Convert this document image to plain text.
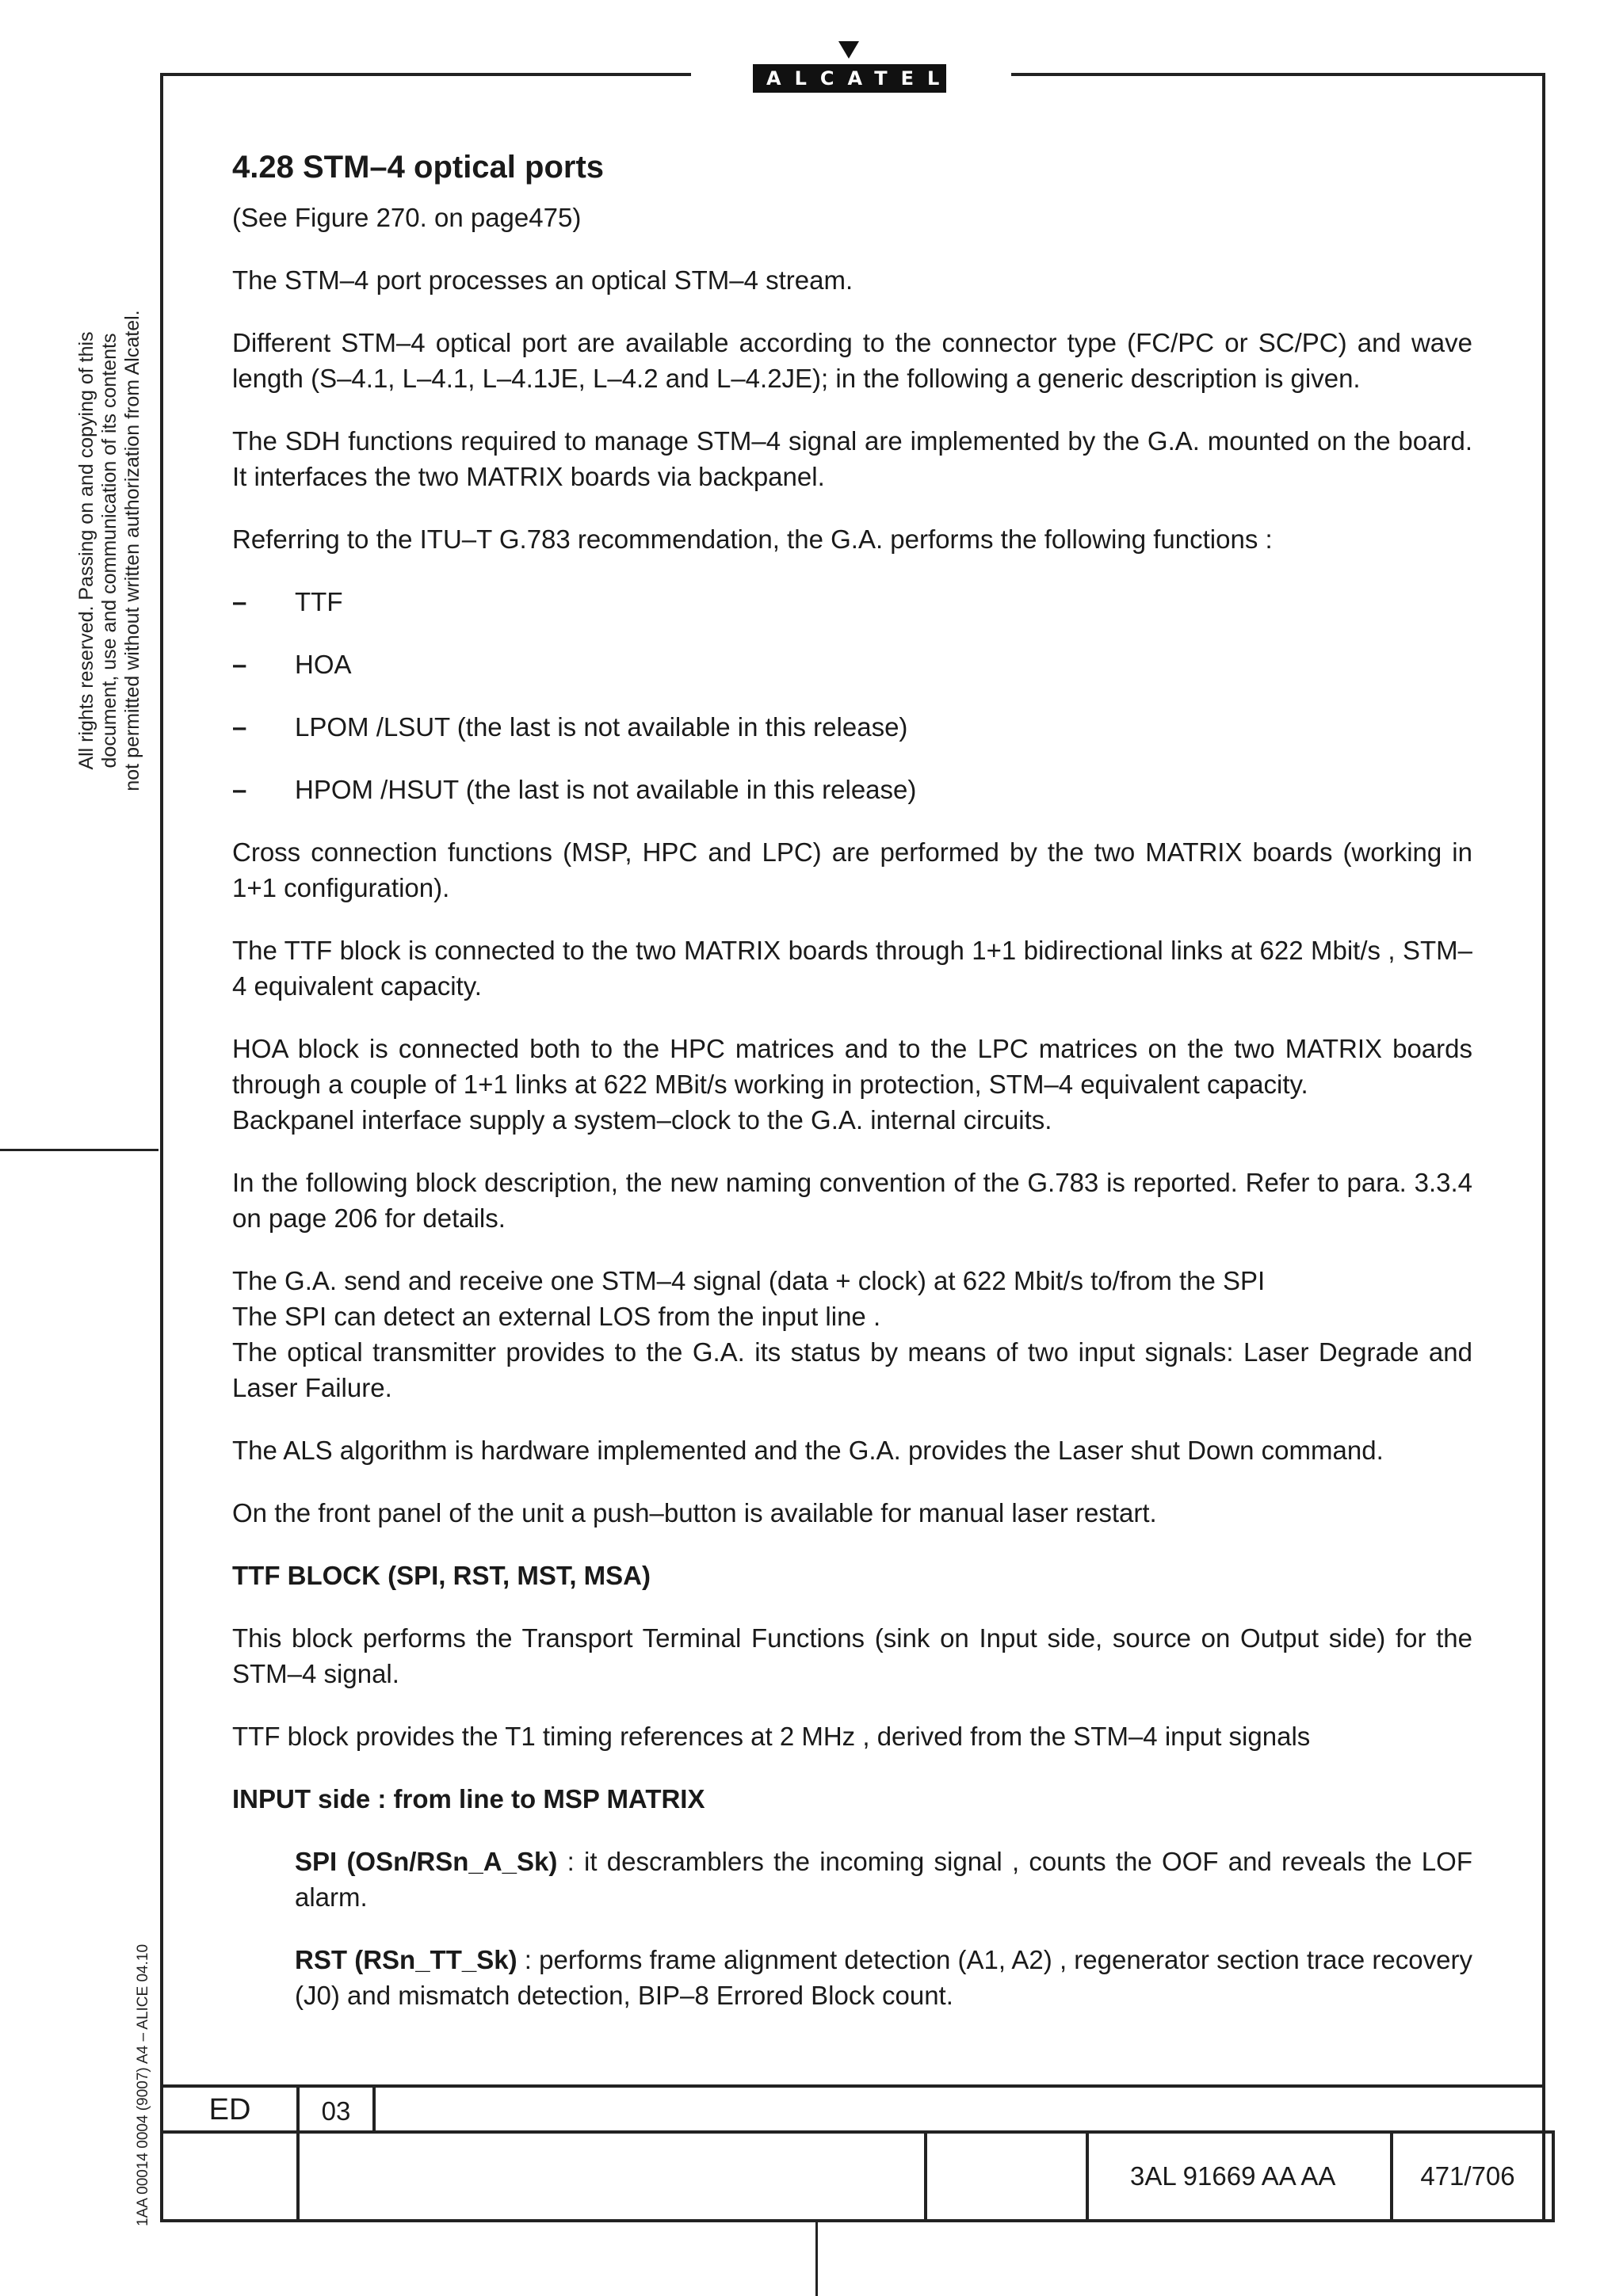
ALCATEL
All rights reserved. Passing on and copying of this document, use and communication of its contents not permitted without written authorization from Alcatel.
1AA 00014 0004 (9007) A4 – ALICE 04.10
4.28 STM–4 optical ports

(See Figure 270. on page475)

The STM–4 port processes an optical STM–4 stream.

Different STM–4 optical port are available according to the connector type (FC/PC or SC/PC) and wave length (S–4.1, L–4.1, L–4.1JE, L–4.2 and L–4.2JE); in the following a generic description is given.

The SDH functions required to manage STM–4 signal are implemented by the G.A. mounted on the board. It interfaces the two MATRIX boards via backpanel.

Referring to the ITU–T G.783 recommendation, the G.A. performs the following functions :

– TTF
– HOA
– LPOM /LSUT (the last is not available in this release)
– HPOM /HSUT (the last is not available in this release)

Cross connection functions (MSP, HPC and LPC) are performed by the two MATRIX boards (working in 1+1 configuration).

The TTF block is connected to the two MATRIX boards through 1+1 bidirectional links at 622 Mbit/s , STM–4 equivalent capacity.

HOA block is connected both to the HPC matrices and to the LPC matrices on the two MATRIX boards through a couple of 1+1 links at 622 MBit/s working in protection, STM–4 equivalent capacity.
Backpanel interface supply a system–clock to the G.A. internal circuits.

In the following block description, the new naming convention of the G.783 is reported. Refer to para. 3.3.4 on page 206 for details.

The G.A. send and receive one STM–4 signal (data + clock) at 622 Mbit/s to/from the SPI
The SPI can detect an external LOS from the input line .
The optical transmitter provides to the G.A. its status by means of two input signals: Laser Degrade and Laser Failure.

The ALS algorithm is hardware implemented and the G.A. provides the Laser shut Down command.

On the front panel of the unit a push–button is available for manual laser restart.

TTF BLOCK (SPI, RST, MST, MSA)

This block performs the Transport Terminal Functions (sink on Input side, source on Output side) for the STM–4 signal.

TTF block provides the T1 timing references at 2 MHz , derived from the STM–4 input signals

INPUT side : from line to MSP MATRIX

SPI (OSn/RSn_A_Sk) : it descramblers the incoming signal , counts the OOF and reveals the LOF alarm.

RST (RSn_TT_Sk) : performs frame alignment detection (A1, A2) , regenerator section trace recovery (J0) and mismatch detection, BIP–8 Errored Block count.

ED	03
3AL 91669 AA AA	471/706
